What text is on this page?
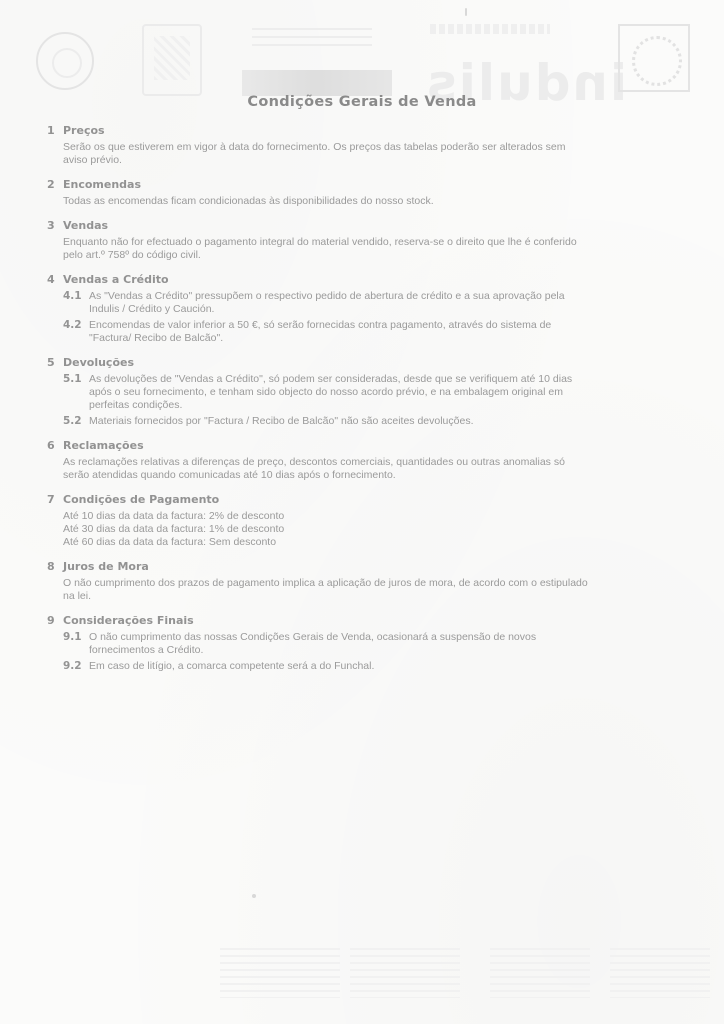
indulis
Condições Gerais de Venda
1 Preços
Serão os que estiverem em vigor à data do fornecimento. Os preços das tabelas poderão ser alterados sem
aviso prévio.
2 Encomendas
Todas as encomendas ficam condicionadas às disponibilidades do nosso stock.
3 Vendas
Enquanto não for efectuado o pagamento integral do material vendido, reserva-se o direito que lhe é conferido
pelo art.º 758º do código civil.
4 Vendas a Crédito
4.1 As "Vendas a Crédito" pressupõem o respectivo pedido de abertura de crédito e a sua aprovação pela
Indulis / Crédito y Caución.
4.2 Encomendas de valor inferior a 50 €, só serão fornecidas contra pagamento, através do sistema de
"Factura/ Recibo de Balcão".
5 Devoluções
5.1 As devoluções de "Vendas a Crédito", só podem ser consideradas, desde que se verifiquem até 10 dias
após o seu fornecimento, e tenham sido objecto do nosso acordo prévio, e na embalagem original em
perfeitas condições.
5.2 Materiais fornecidos por "Factura / Recibo de Balcão" não são aceites devoluções.
6 Reclamações
As reclamações relativas a diferenças de preço, descontos comerciais, quantidades ou outras anomalias só
serão atendidas quando comunicadas até 10 dias após o fornecimento.
7 Condições de Pagamento
Até 10 dias da data da factura: 2% de desconto
Até 30 dias da data da factura: 1% de desconto
Até 60 dias da data da factura: Sem desconto
8 Juros de Mora
O não cumprimento dos prazos de pagamento implica a aplicação de juros de mora, de acordo com o estipulado
na lei.
9 Considerações Finais
9.1 O não cumprimento das nossas Condições Gerais de Venda, ocasionará a suspensão de novos
fornecimentos a Crédito.
9.2 Em caso de litígio, a comarca competente será a do Funchal.
